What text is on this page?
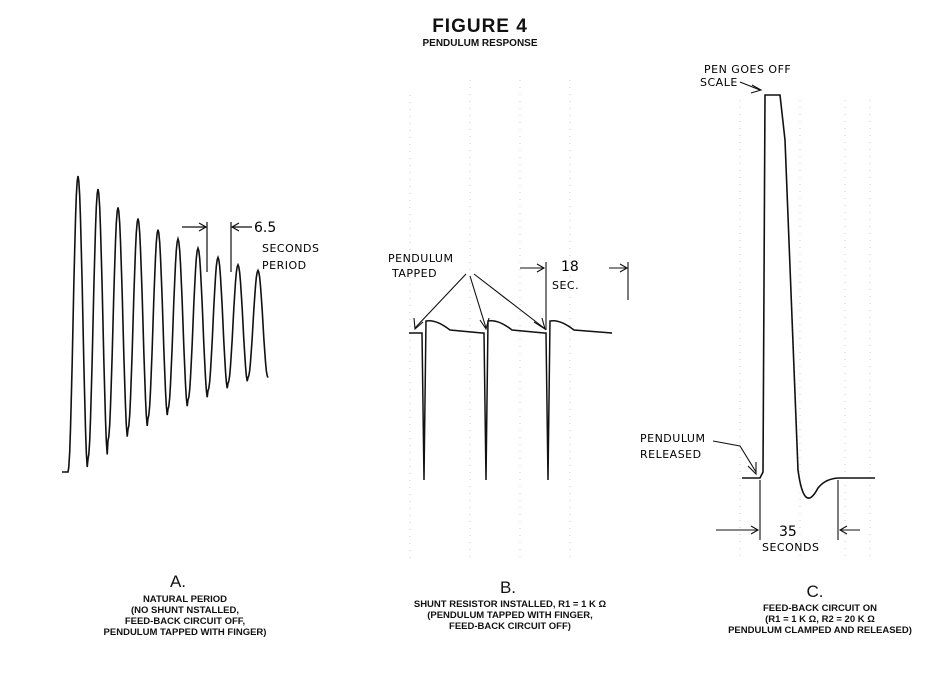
FIGURE 4
PENDULUM RESPONSE
6.5
SECONDS
PERIOD
PENDULUM
TAPPED	18
SEC.
PEN GOES OFF
SCALE
PENDULUM
RELEASED
35
SECONDS
A.
NATURAL PERIOD
(NO SHUNT NSTALLED,
FEED-BACK CIRCUIT OFF,
PENDULUM TAPPED WITH FINGER)
B.
SHUNT RESISTOR INSTALLED, R1 = 1 K Ω
(PENDULUM TAPPED WITH FINGER,
FEED-BACK CIRCUIT OFF)
C.
FEED-BACK CIRCUIT ON
(R1 = 1 K Ω, R2 = 20 K Ω
PENDULUM CLAMPED AND RELEASED)
